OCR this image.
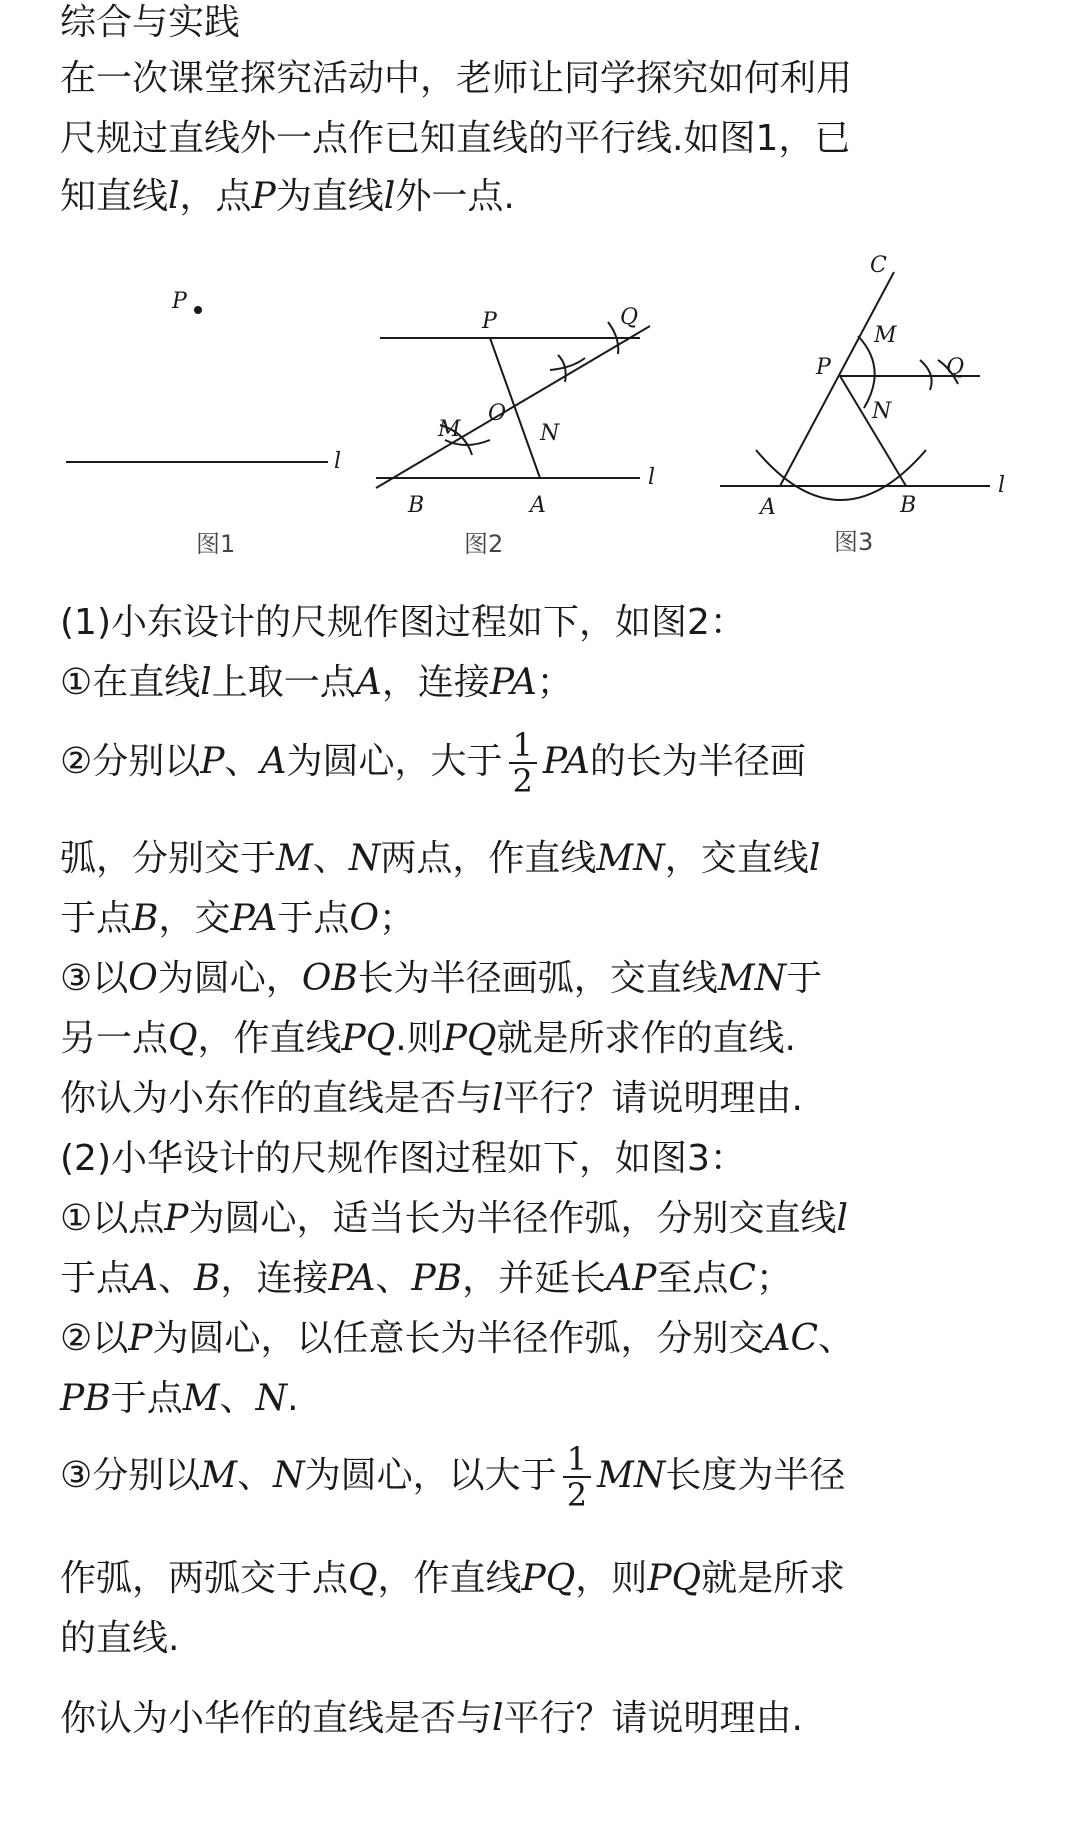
综合与实践
在一次课堂探究活动中，老师让同学探究如何利用
尺规过直线外一点作已知直线的平行线.如图1，已
知直线l，点P为直线l外一点.
P
l
图1
P	Q
M
O
N
B	A
l
图2
C
M
P	Q
N
A	B
l
图3
(1)小东设计的尺规作图过程如下，如图2：
①在直线l上取一点A，连接PA；
②分别以P、A为圆心，大于 $\frac{1}{2}$ PA的长为半径画
弧，分别交于M、N两点，作直线MN，交直线l
于点B，交PA于点O；
③以O为圆心，OB长为半径画弧，交直线MN于
另一点Q，作直线PQ.则PQ就是所求作的直线.
你认为小东作的直线是否与l平行？请说明理由.
(2)小华设计的尺规作图过程如下，如图3：
①以点P为圆心，适当长为半径作弧，分别交直线l
于点A、B，连接PA、PB，并延长AP至点C；
②以P为圆心，以任意长为半径作弧，分别交AC、
PB于点M、N.
③分别以M、N为圆心，以大于 $\frac{1}{2}$ MN长度为半径
作弧，两弧交于点Q，作直线PQ，则PQ就是所求
的直线.
你认为小华作的直线是否与l平行？请说明理由.
